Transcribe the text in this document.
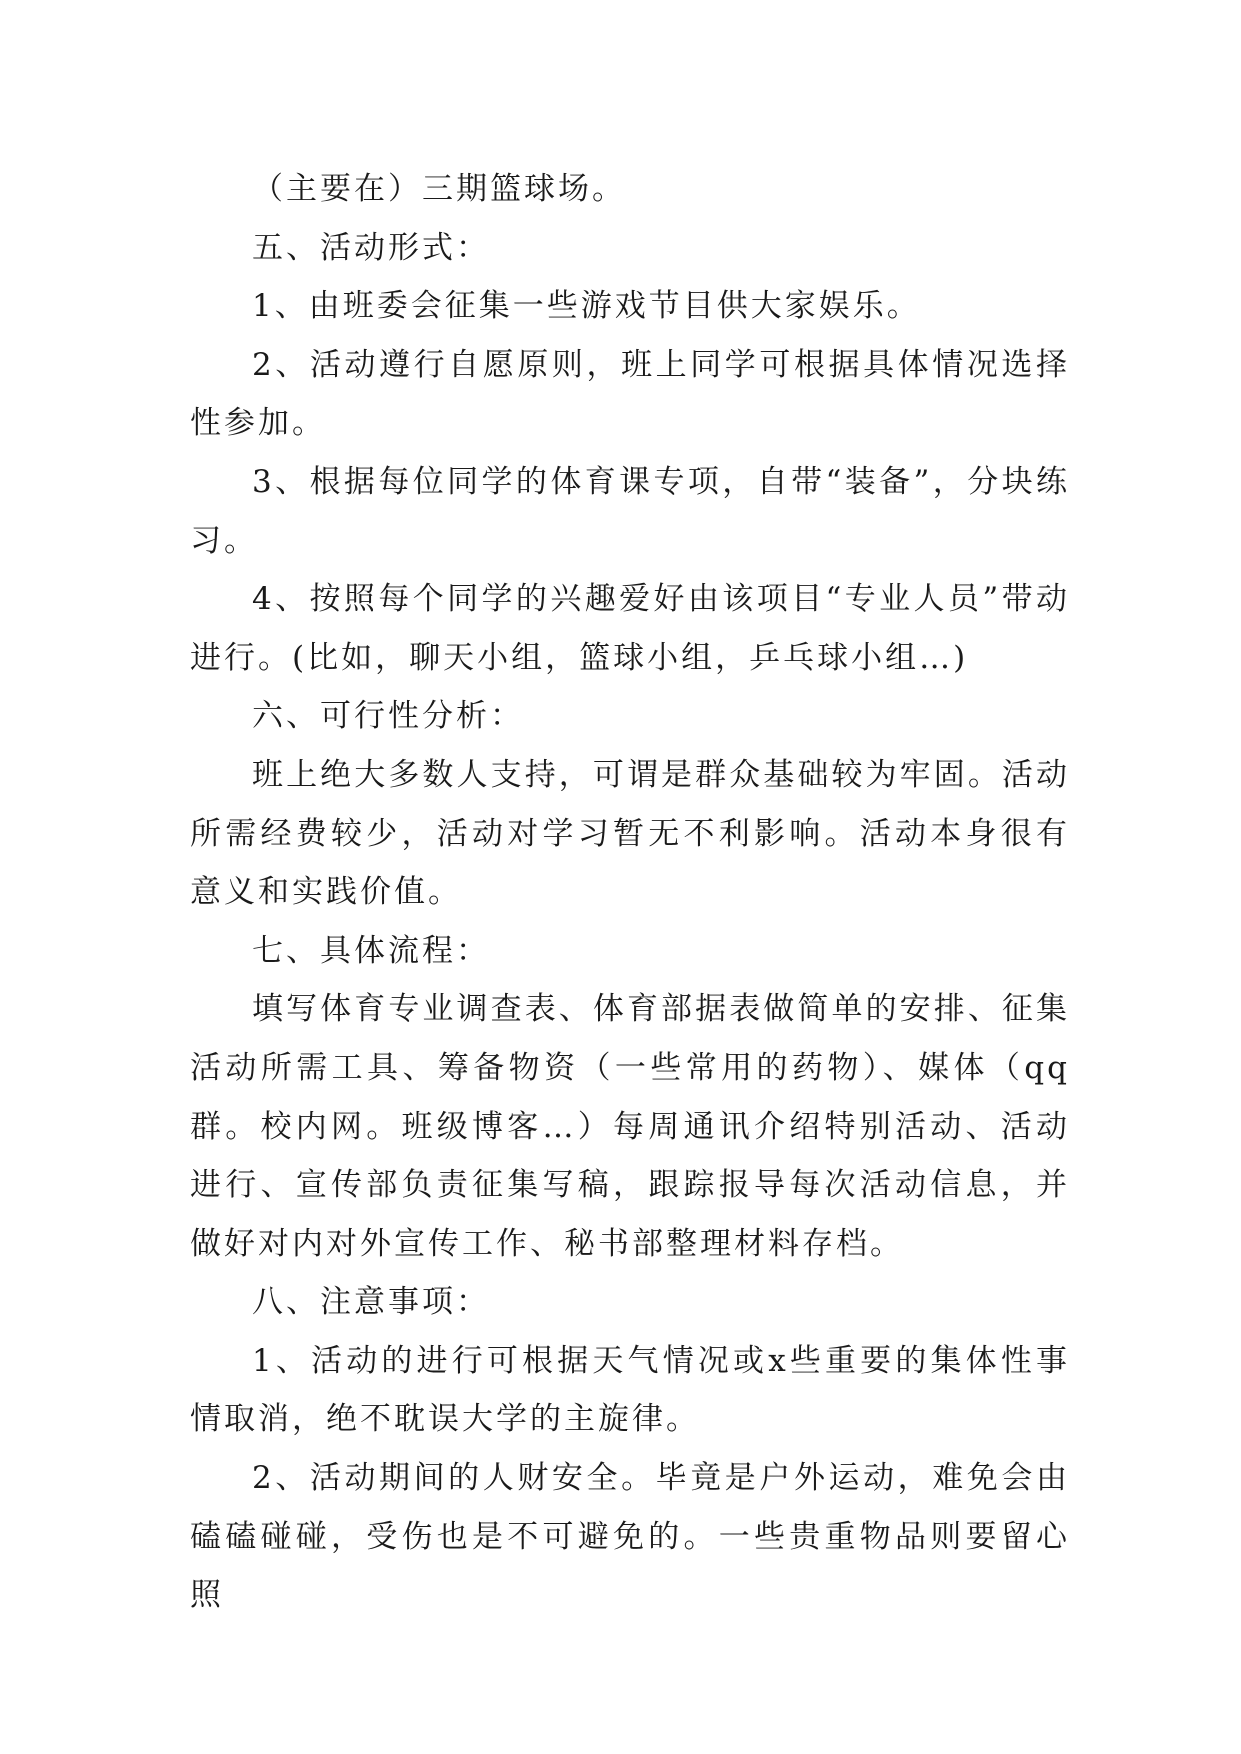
（主要在）三期篮球场。

五、活动形式：

1、由班委会征集一些游戏节目供大家娱乐。

2、活动遵行自愿原则，班上同学可根据具体情况选择性参加。

3、根据每位同学的体育课专项，自带“装备”，分块练习。

4、按照每个同学的兴趣爱好由该项目“专业人员”带动进行。(比如，聊天小组，篮球小组，乒乓球小组…)

六、可行性分析：

班上绝大多数人支持，可谓是群众基础较为牢固。活动所需经费较少，活动对学习暂无不利影响。活动本身很有意义和实践价值。

七、具体流程：

填写体育专业调查表、体育部据表做简单的安排、征集活动所需工具、筹备物资（一些常用的药物）、媒体（qq群。校内网。班级博客…）每周通讯介绍特别活动、活动进行、宣传部负责征集写稿，跟踪报导每次活动信息，并做好对内对外宣传工作、秘书部整理材料存档。

八、注意事项：

1、活动的进行可根据天气情况或x些重要的集体性事情取消，绝不耽误大学的主旋律。

2、活动期间的人财安全。毕竟是户外运动，难免会由磕磕碰碰，受伤也是不可避免的。一些贵重物品则要留心照
